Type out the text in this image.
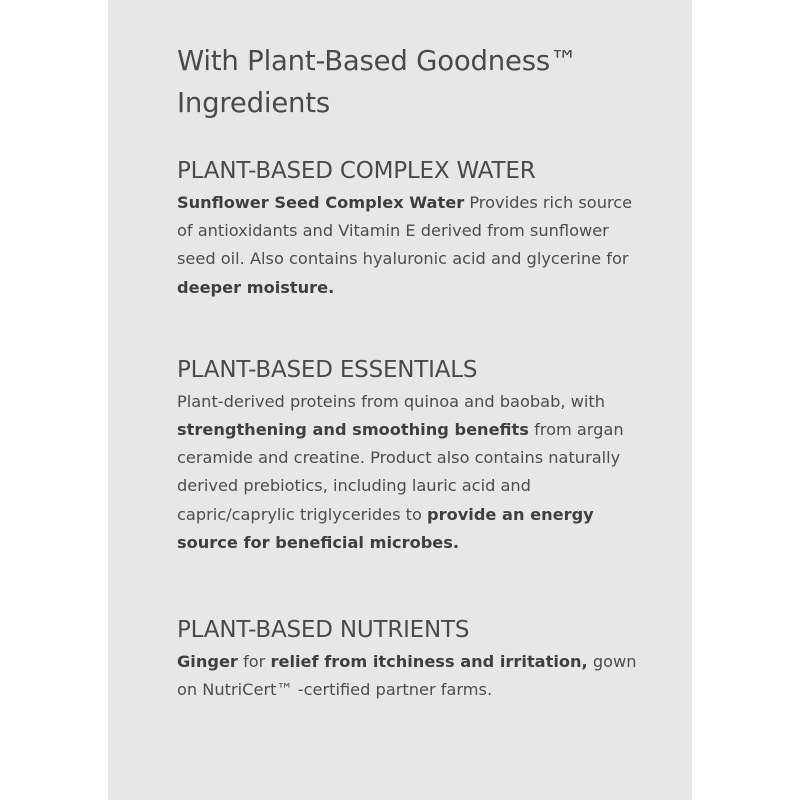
With Plant-Based Goodness™ Ingredients
PLANT-BASED COMPLEX WATER

Sunflower Seed Complex Water Provides rich source of antioxidants and Vitamin E derived from sunflower seed oil. Also contains hyaluronic acid and glycerine for deeper moisture.

PLANT-BASED ESSENTIALS

Plant-derived proteins from quinoa and baobab, with strengthening and smoothing benefits from argan ceramide and creatine. Product also contains naturally derived prebiotics, including lauric acid and capric/caprylic triglycerides to provide an energy source for beneficial microbes.

PLANT-BASED NUTRIENTS

Ginger for relief from itchiness and irritation, gown on NutriCert™ -certified partner farms.
